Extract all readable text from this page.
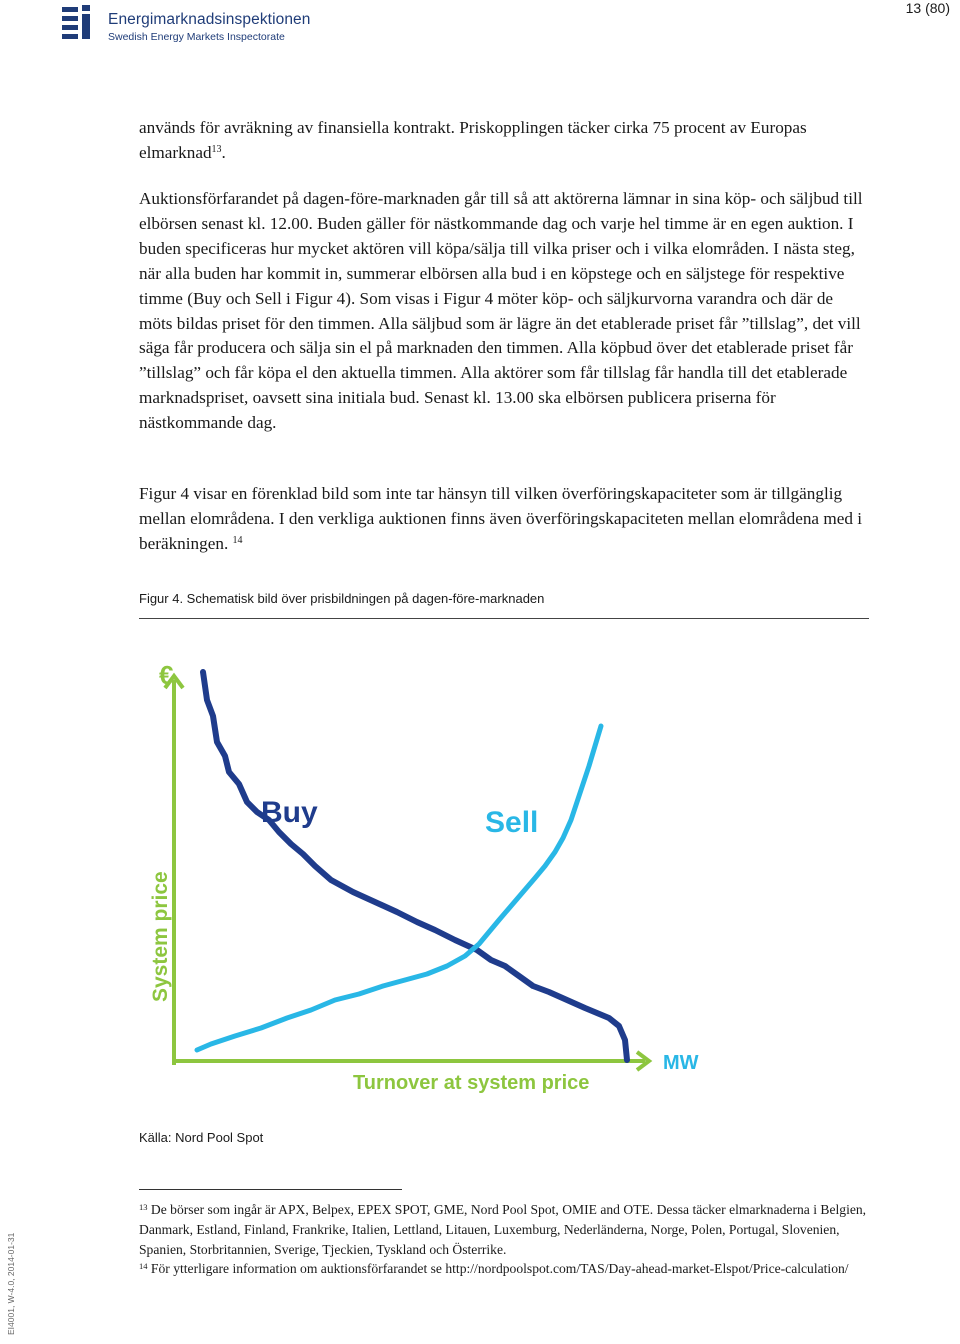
Energimarknadsinspektionen
Swedish Energy Markets Inspectorate
13 (80)

används för avräkning av finansiella kontrakt. Priskopplingen täcker cirka 75 procent av Europas elmarknad$^{13}$.

Auktionsförfarandet på dagen-före-marknaden går till så att aktörerna lämnar in sina köp- och säljbud till elbörsen senast kl. 12.00. Buden gäller för nästkommande dag och varje hel timme är en egen auktion. I buden specificeras hur mycket aktören vill köpa/sälja till vilka priser och i vilka elområden. I nästa steg, när alla buden har kommit in, summerar elbörsen alla bud i en köpstege och en säljstege för respektive timme (Buy och Sell i Figur 4). Som visas i Figur 4 möter köp- och säljkurvorna varandra och där de möts bildas priset för den timmen. Alla säljbud som är lägre än det etablerade priset får ”tillslag”, det vill säga får producera och sälja sin el på marknaden den timmen. Alla köpbud över det etablerade priset får ”tillslag” och får köpa el den aktuella timmen. Alla aktörer som får tillslag får handla till det etablerade marknadspriset, oavsett sina initiala bud. Senast kl. 13.00 ska elbörsen publicera priserna för nästkommande dag.

Figur 4 visar en förenklad bild som inte tar hänsyn till vilken överföringskapaciteter som är tillgänglig mellan elområdena. I den verkliga auktionen finns även överföringskapaciteten mellan elområdena med i beräkningen. $^{14}$

Figur 4. Schematisk bild över prisbildningen på dagen-före-marknaden
€
System price
MW
Turnover at system price
Buy	Sell
Källa: Nord Pool Spot

$^{13}$ De börser som ingår är APX, Belpex, EPEX SPOT, GME, Nord Pool Spot, OMIE and OTE. Dessa täcker elmarknaderna i Belgien, Danmark, Estland, Finland, Frankrike, Italien, Lettland, Litauen, Luxemburg, Nederländerna, Norge, Polen, Portugal, Slovenien, Spanien, Storbritannien, Sverige, Tjeckien, Tyskland och Österrike.

$^{14}$ För ytterligare information om auktionsförfarandet se http://nordpoolspot.com/TAS/Day-ahead-market-Elspot/Price-calculation/

EI4001, W-4.0, 2014-01-31
